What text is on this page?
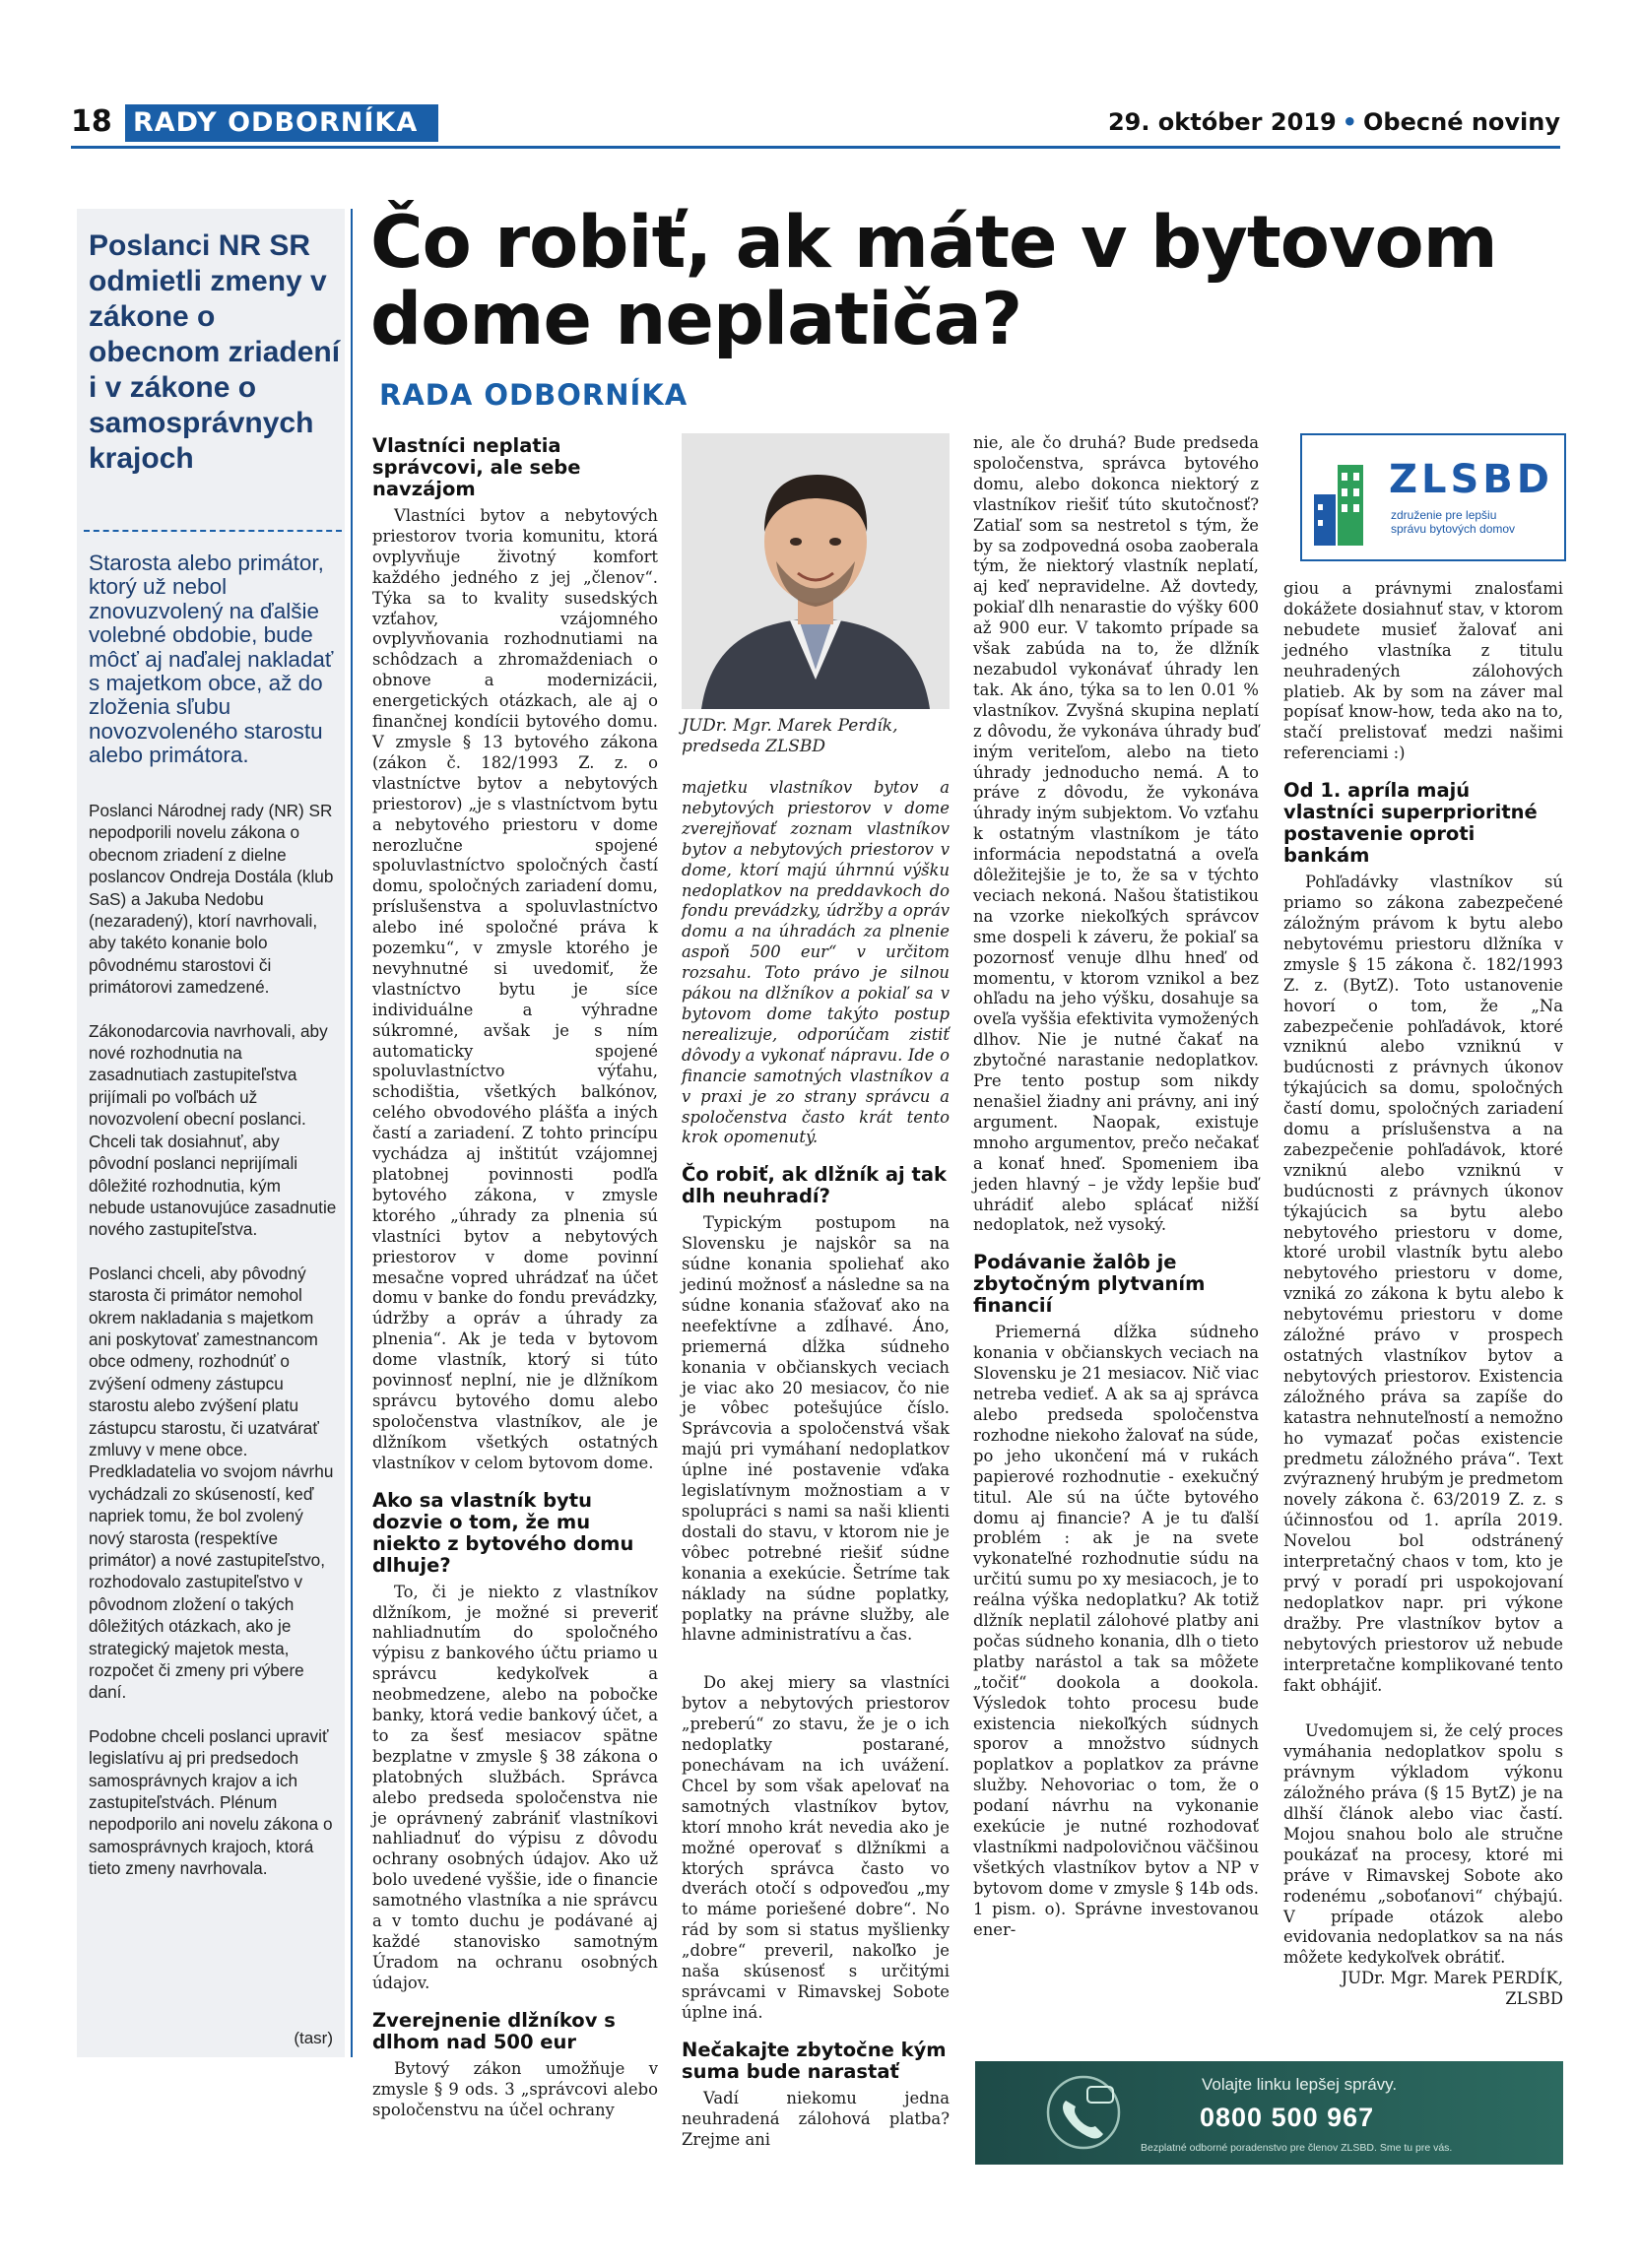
18 RADY ODBORNÍKA	29. október 2019 • Obecné noviny
Poslanci NR SR odmietli zmeny v zákone o obecnom zriadení i v zákone o samosprávnych krajoch
Starosta alebo primátor, ktorý už nebol znovuzvolený na ďalšie volebné obdobie, bude môcť aj naďalej nakladať s majetkom obce, až do zloženia sľubu novozvoleného starostu alebo primátora.

Poslanci Národnej rady (NR) SR nepodporili novelu zákona o obecnom zriadení z dielne poslancov Ondreja Dostála (klub SaS) a Jakuba Nedobu (nezaradený), ktorí navrhovali, aby takéto konanie bolo pôvodnému starostovi či primátorovi zamedzené.

Zákonodarcovia navrhovali, aby nové rozhodnutia na zasadnutiach zastupiteľstva prijímali po voľbách už novozvolení obecní poslanci. Chceli tak dosiahnuť, aby pôvodní poslanci neprijímali dôležité rozhodnutia, kým nebude ustanovujúce zasadnutie nového zastupiteľstva.

Poslanci chceli, aby pôvodný starosta či primátor nemohol okrem nakladania s majetkom ani poskytovať zamestnancom obce odmeny, rozhodnúť o zvýšení odmeny zástupcu starostu alebo zvýšení platu zástupcu starostu, či uzatvárať zmluvy v mene obce. Predkladatelia vo svojom návrhu vychádzali zo skúseností, keď napriek tomu, že bol zvolený nový starosta (respektíve primátor) a nové zastupiteľstvo, rozhodovalo zastupiteľstvo v pôvodnom zložení o takých dôležitých otázkach, ako je strategický majetok mesta, rozpočet či zmeny pri výbere daní.

Podobne chceli poslanci upraviť legislatívu aj pri predsedoch samosprávnych krajov a ich zastupiteľstvách. Plénum nepodporilo ani novelu zákona o samosprávnych krajoch, ktorá tieto zmeny navrhovala.

(tasr)
Čo robiť, ak máte v bytovom dome neplatiča?
RADA ODBORNÍKA
Vlastníci neplatia správcovi, ale sebe navzájom

Vlastníci bytov a nebytových priestorov tvoria komunitu, ktorá ovplyvňuje životný komfort každého jedného z jej „členov“. Týka sa to kvality susedských vzťahov, vzájomného ovplyvňovania rozhodnutiami na schôdzach a zhromaždeniach o obnove a modernizácii, energetických otázkach, ale aj o finančnej kondícii bytového domu. V zmysle § 13 bytového zákona (zákon č. 182/1993 Z. z. o vlastníctve bytov a nebytových priestorov) „je s vlastníctvom bytu a nebytového priestoru v dome nerozlučne spojené spoluvlastníctvo spoločných častí domu, spoločných zariadení domu, príslušenstva a spoluvlastníctvo alebo iné spoločné práva k pozemku“, v zmysle ktorého je nevyhnutné si uvedomiť, že vlastníctvo bytu je síce individuálne a výhradne súkromné, avšak je s ním automaticky spojené spoluvlastníctvo výťahu, schodištia, všetkých balkónov, celého obvodového plášťa a iných častí a zariadení. Z tohto princípu vychádza aj inštitút vzájomnej platobnej povinnosti podľa bytového zákona, v zmysle ktorého „úhrady za plnenia sú vlastníci bytov a nebytových priestorov v dome povinní mesačne vopred uhrádzať na účet domu v banke do fondu prevádzky, údržby a opráv a úhrady za plnenia“. Ak je teda v bytovom dome vlastník, ktorý si túto povinnosť neplní, nie je dlžníkom správcu bytového domu alebo spoločenstva vlastníkov, ale je dlžníkom všetkých ostatných vlastníkov v celom bytovom dome.

Ako sa vlastník bytu dozvie o tom, že mu niekto z bytového domu dlhuje?

To, či je niekto z vlastníkov dlžníkom, je možné si preveriť nahliadnutím do spoločného výpisu z bankového účtu priamo u správcu kedykoľvek a neobmedzene, alebo na pobočke banky, ktorá vedie bankový účet, a to za šesť mesiacov spätne bezplatne v zmysle § 38 zákona o platobných službách. Správca alebo predseda spoločenstva nie je oprávnený zabrániť vlastníkovi nahliadnuť do výpisu z dôvodu ochrany osobných údajov. Ako už bolo uvedené vyššie, ide o financie samotného vlastníka a nie správcu a v tomto duchu je podávané aj každé stanovisko samotným Úradom na ochranu osobných údajov.

Zverejnenie dlžníkov s dlhom nad 500 eur

Bytový zákon umožňuje v zmysle § 9 ods. 3 „správcovi alebo spoločenstvu na účel ochrany

JUDr. Mgr. Marek Perdík, predseda ZLSBD

majetku vlastníkov bytov a nebytových priestorov v dome zverejňovať zoznam vlastníkov bytov a nebytových priestorov v dome, ktorí majú úhrnnú výšku nedoplatkov na preddavkoch do fondu prevádzky, údržby a opráv domu a na úhradách za plnenie aspoň 500 eur“ v určitom rozsahu. Toto právo je silnou pákou na dlžníkov a pokiaľ sa v bytovom dome takýto postup nerealizuje, odporúčam zistiť dôvody a vykonať nápravu. Ide o financie samotných vlastníkov a v praxi je zo strany správcu a spoločenstva často krát tento krok opomenutý.

Čo robiť, ak dlžník aj tak dlh neuhradí?

Typickým postupom na Slovensku je najskôr sa na súdne konania spoliehať ako jedinú možnosť a následne sa na súdne konania sťažovať ako na neefektívne a zdĺhavé. Áno, priemerná dĺžka súdneho konania v občianskych veciach je viac ako 20 mesiacov, čo nie je vôbec potešujúce číslo. Správcovia a spoločenstvá však majú pri vymáhaní nedoplatkov úplne iné postavenie vďaka legislatívnym možnostiam a v spolupráci s nami sa naši klienti dostali do stavu, v ktorom nie je vôbec potrebné riešiť súdne konania a exekúcie. Šetríme tak náklady na súdne poplatky, poplatky na právne služby, ale hlavne administratívu a čas.

Do akej miery sa vlastníci bytov a nebytových priestorov „preberú“ zo stavu, že je o ich nedoplatky postarané, ponechávam na ich uvážení. Chcel by som však apelovať na samotných vlastníkov bytov, ktorí mnoho krát nevedia ako je možné operovať s dlžníkmi a ktorých správca často vo dverách otočí s odpoveďou „my to máme poriešené dobre“. No rád by som si status myšlienky „dobre“ preveril, nakoľko je naša skúsenosť s určitými správcami v Rimavskej Sobote úplne iná.

Nečakajte zbytočne kým suma bude narastať

Vadí niekomu jedna neuhradená zálohová platba? Zrejme ani

nie, ale čo druhá? Bude predseda spoločenstva, správca bytového domu, alebo dokonca niektorý z vlastníkov riešiť túto skutočnosť? Zatiaľ som sa nestretol s tým, že by sa zodpovedná osoba zaoberala tým, že niektorý vlastník neplatí, aj keď nepravidelne. Až dovtedy, pokiaľ dlh nenarastie do výšky 600 až 900 eur. V takomto prípade sa však zabúda na to, že dlžník nezabudol vykonávať úhrady len tak. Ak áno, týka sa to len 0.01 % vlastníkov. Zvyšná skupina neplatí z dôvodu, že vykonáva úhrady buď iným veriteľom, alebo na tieto úhrady jednoducho nemá. A to práve z dôvodu, že vykonáva úhrady iným subjektom. Vo vzťahu k ostatným vlastníkom je táto informácia nepodstatná a oveľa dôležitejšie je to, že sa v týchto veciach nekoná. Našou štatistikou na vzorke niekoľkých správcov sme dospeli k záveru, že pokiaľ sa pozornosť venuje dlhu hneď od momentu, v ktorom vznikol a bez ohľadu na jeho výšku, dosahuje sa oveľa vyššia efektivita vymožených dlhov. Nie je nutné čakať na zbytočné narastanie nedoplatkov. Pre tento postup som nikdy nenašiel žiadny ani právny, ani iný argument. Naopak, existuje mnoho argumentov, prečo nečakať a konať hneď. Spomeniem iba jeden hlavný – je vždy lepšie buď uhrádiť alebo splácať nižší nedoplatok, než vysoký.

Podávanie žalôb je zbytočným plytvaním financií

Priemerná dĺžka súdneho konania v občianskych veciach na Slovensku je 21 mesiacov. Nič viac netreba vedieť. A ak sa aj správca alebo predseda spoločenstva rozhodne niekoho žalovať na súde, po jeho ukončení má v rukách papierové rozhodnutie - exekučný titul. Ale sú na účte bytového domu aj financie? A je tu ďalší problém : ak je na svete vykonateľné rozhodnutie súdu na určitú sumu po xy mesiacoch, je to reálna výška nedoplatku? Ak totiž dlžník neplatil zálohové platby ani počas súdneho konania, dlh o tieto platby narástol a tak sa môžete „točiť“ dookola a dookola. Výsledok tohto procesu bude existencia niekoľkých súdnych sporov a množstvo súdnych poplatkov a poplatkov za právne služby. Nehovoriac o tom, že o podaní návrhu na vykonanie exekúcie je nutné rozhodovať vlastníkmi nadpolovičnou väčšinou všetkých vlastníkov bytov a NP v bytovom dome v zmysle § 14b ods. 1 pism. o). Správne investovanou ener-

ZLSBD
združenie pre lepšiu
správu bytových domov

giou a právnymi znalosťami dokážete dosiahnuť stav, v ktorom nebudete musieť žalovať ani jedného vlastníka z titulu neuhradených zálohových platieb. Ak by som na záver mal popísať know-how, teda ako na to, stačí prelistovať medzi našimi referenciami :)

Od 1. apríla majú vlastníci superprioritné postavenie oproti bankám

Pohľadávky vlastníkov sú priamo so zákona zabezpečené záložným právom k bytu alebo nebytovému priestoru dlžníka v zmysle § 15 zákona č. 182/1993 Z. z. (BytZ). Toto ustanovenie hovorí o tom, že „Na zabezpečenie pohľadávok, ktoré vzniknú alebo vzniknú v budúcnosti z právnych úkonov týkajúcich sa domu, spoločných častí domu, spoločných zariadení domu a príslušenstva a na zabezpečenie pohľadávok, ktoré vzniknú alebo vzniknú v budúcnosti z právnych úkonov týkajúcich sa bytu alebo nebytového priestoru v dome, ktoré urobil vlastník bytu alebo nebytového priestoru v dome, vzniká zo zákona k bytu alebo k nebytovému priestoru v dome záložné právo v prospech ostatných vlastníkov bytov a nebytových priestorov. Existencia záložného práva sa zapíše do katastra nehnuteľností a nemožno ho vymazať počas existencie predmetu záložného práva“. Text zvýraznený hrubým je predmetom novely zákona č. 63/2019 Z. z. s účinnosťou od 1. apríla 2019. Novelou bol odstránený interpretačný chaos v tom, kto je prvý v poradí pri uspokojovaní nedoplatkov napr. pri výkone dražby. Pre vlastníkov bytov a nebytových priestorov už nebude interpretačne komplikované tento fakt obhájiť.

Uvedomujem si, že celý proces vymáhania nedoplatkov spolu s právnym výkladom výkonu záložného práva (§ 15 BytZ) je na dlhší článok alebo viac častí. Mojou snahou bolo ale stručne poukázať na procesy, ktoré mi práve v Rimavskej Sobote ako rodenému „soboťanovi“ chýbajú. V prípade otázok alebo evidovania nedoplatkov sa na nás môžete kedykoľvek obrátiť.

JUDr. Mgr. Marek PERDÍK,

ZLSBD

Volajte linku lepšej správy.
0800 500 967
Bezplatné odborné poradenstvo pre členov ZLSBD. Sme tu pre vás.
